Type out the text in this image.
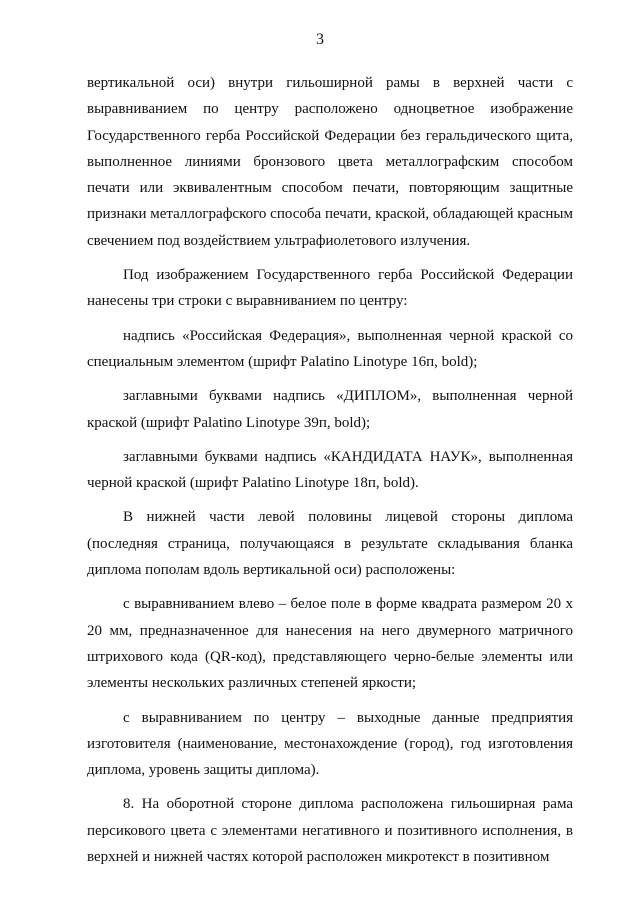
3

вертикальной оси) внутри гильоширной рамы в верхней части с выравниванием по центру расположено одноцветное изображение Государственного герба Российской Федерации без геральдического щита, выполненное линиями бронзового цвета металлографским способом печати или эквивалентным способом печати, повторяющим защитные признаки металлографского способа печати, краской, обладающей красным свечением под воздействием ультрафиолетового излучения.

Под изображением Государственного герба Российской Федерации нанесены три строки с выравниванием по центру:

надпись «Российская Федерация», выполненная черной краской со специальным элементом (шрифт Palatino Linotype 16п, bold);

заглавными буквами надпись «ДИПЛОМ», выполненная черной краской (шрифт Palatino Linotype 39п, bold);

заглавными буквами надпись «КАНДИДАТА НАУК», выполненная черной краской (шрифт Palatino Linotype 18п, bold).

В нижней части левой половины лицевой стороны диплома (последняя страница, получающаяся в результате складывания бланка диплома пополам вдоль вертикальной оси) расположены:

с выравниванием влево – белое поле в форме квадрата размером 20 х 20 мм, предназначенное для нанесения на него двумерного матричного штрихового кода (QR-код), представляющего черно-белые элементы или элементы нескольких различных степеней яркости;

с выравниванием по центру – выходные данные предприятия изготовителя (наименование, местонахождение (город), год изготовления диплома, уровень защиты диплома).

8. На оборотной стороне диплома расположена гильоширная рама персикового цвета с элементами негативного и позитивного исполнения, в верхней и нижней частях которой расположен микротекст в позитивном
